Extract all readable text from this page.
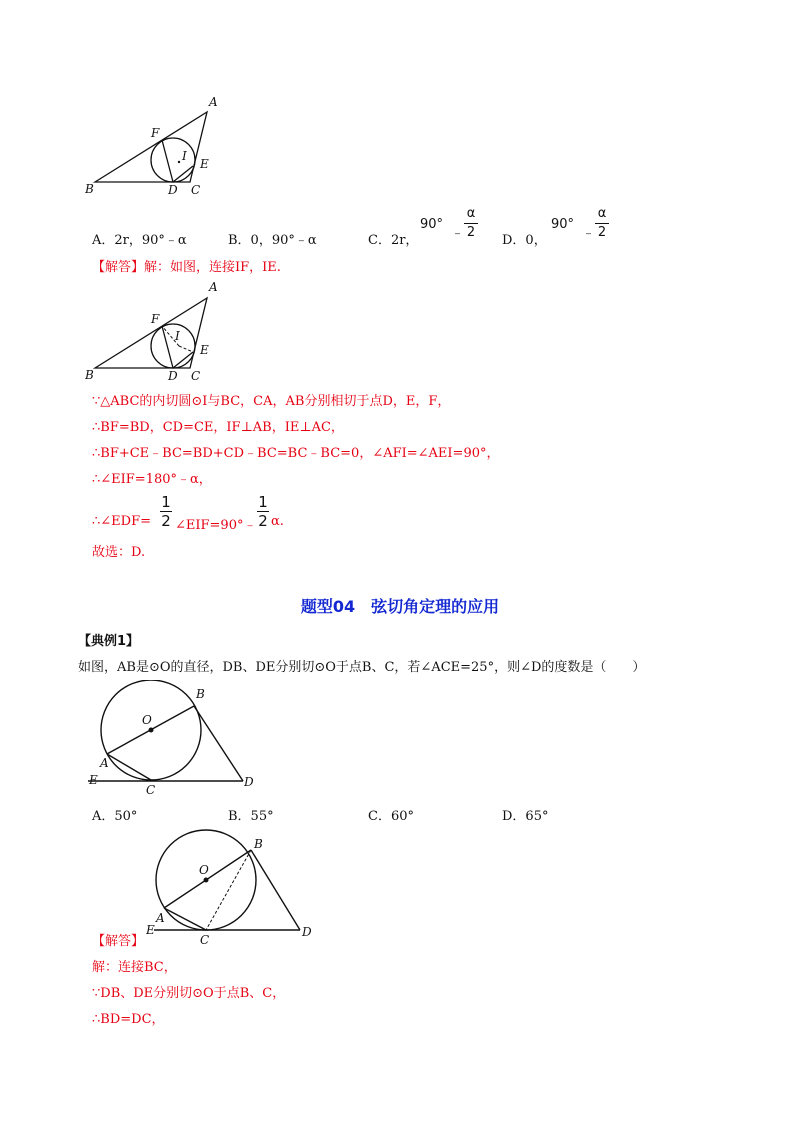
A
B	C
D
E
F
I
A．2r，90°﹣α	B．0，90°﹣α	C．2r，
90°
﹣
α
2
D．0，
90°
﹣
α
2
【解答】解：如图，连接IF，IE.
A
B	C
D
E
F
I
∵△ABC的内切圆⊙I与BC，CA，AB分别相切于点D，E，F，
∴BF=BD，CD=CE，IF⊥AB，IE⊥AC，
∴BF+CE﹣BC=BD+CD﹣BC=BC﹣BC=0，∠AFI=∠AEI=90°，
∴∠EIF=180°﹣α，
∴∠EDF=
1
2 ∠EIF=90°﹣
1
2 α.
故选：D.
题型04　弦切角定理的应用
【典例1】
如图，AB是⊙O的直径，DB、DE分别切⊙O于点B、C，若∠ACE=25°，则∠D的度数是（　　）
B
O
A
E
C
D
A．50°	B．55°	C．60°	D．65°
B
O
A
E
C
D
【解答】
解：连接BC，
∵DB、DE分别切⊙O于点B、C，
∴BD=DC，
